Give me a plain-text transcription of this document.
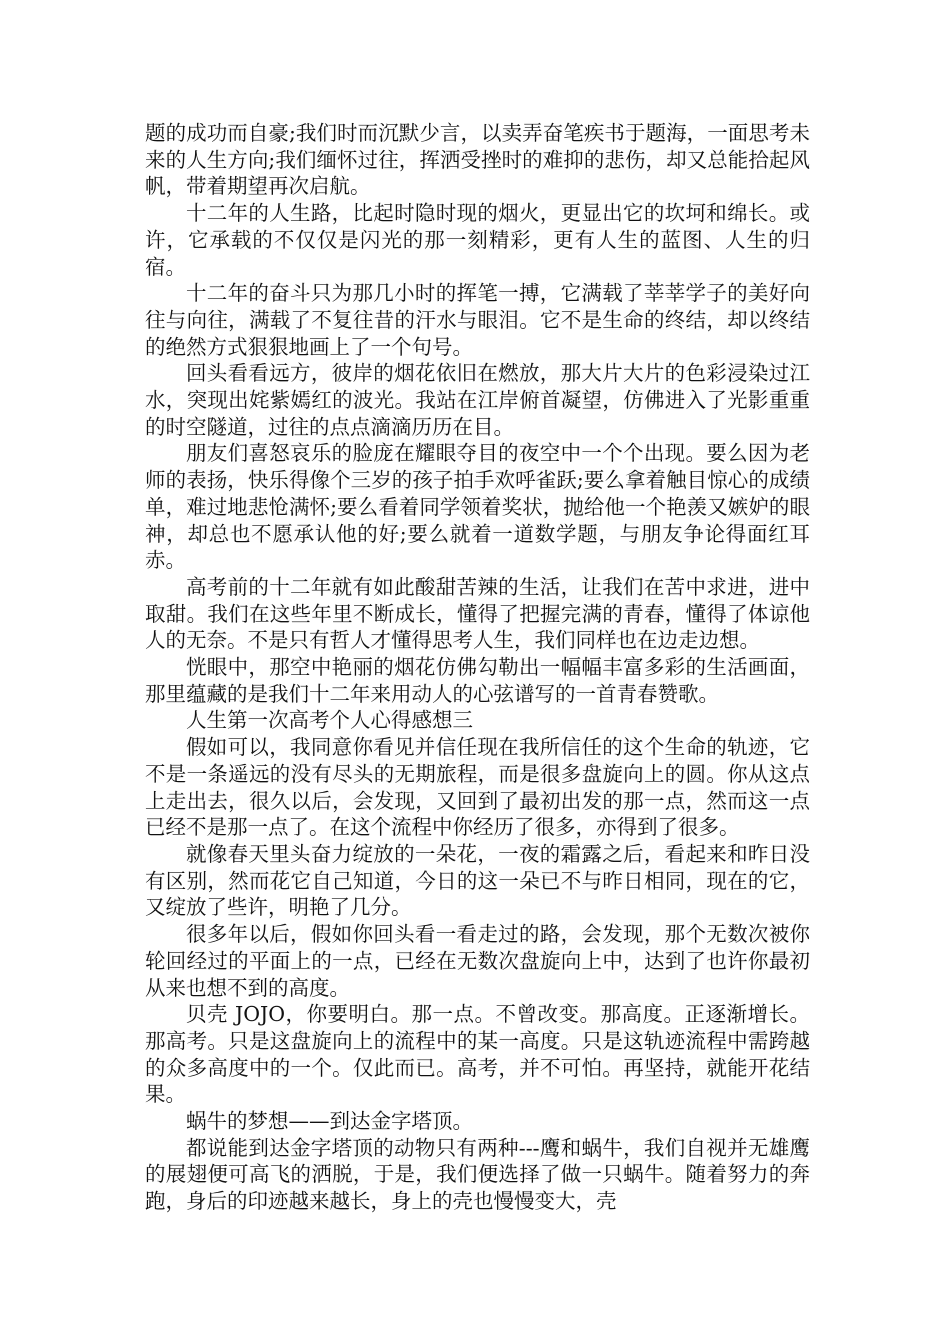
题的成功而自豪;我们时而沉默少言，以卖弄奋笔疾书于题海，一面思考未来的人生方向;我们缅怀过往，挥洒受挫时的难抑的悲伤，却又总能拾起风帆，带着期望再次启航。

十二年的人生路，比起时隐时现的烟火，更显出它的坎坷和绵长。或许，它承载的不仅仅是闪光的那一刻精彩，更有人生的蓝图、人生的归宿。

十二年的奋斗只为那几小时的挥笔一搏，它满载了莘莘学子的美好向往与向往，满载了不复往昔的汗水与眼泪。它不是生命的终结，却以终结的绝然方式狠狠地画上了一个句号。

回头看看远方，彼岸的烟花依旧在燃放，那大片大片的色彩浸染过江水，突现出姹紫嫣红的波光。我站在江岸俯首凝望，仿佛进入了光影重重的时空隧道，过往的点点滴滴历历在目。

朋友们喜怒哀乐的脸庞在耀眼夺目的夜空中一个个出现。要么因为老师的表扬，快乐得像个三岁的孩子拍手欢呼雀跃;要么拿着触目惊心的成绩单，难过地悲怆满怀;要么看着同学领着奖状，抛给他一个艳羡又嫉妒的眼神，却总也不愿承认他的好;要么就着一道数学题，与朋友争论得面红耳赤。

高考前的十二年就有如此酸甜苦辣的生活，让我们在苦中求进，进中取甜。我们在这些年里不断成长，懂得了把握完满的青春，懂得了体谅他人的无奈。不是只有哲人才懂得思考人生，我们同样也在边走边想。

恍眼中，那空中艳丽的烟花仿佛勾勒出一幅幅丰富多彩的生活画面，那里蕴藏的是我们十二年来用动人的心弦谱写的一首青春赞歌。

人生第一次高考个人心得感想三

假如可以，我同意你看见并信任现在我所信任的这个生命的轨迹，它不是一条遥远的没有尽头的无期旅程，而是很多盘旋向上的圆。你从这点上走出去，很久以后，会发现，又回到了最初出发的那一点，然而这一点已经不是那一点了。在这个流程中你经历了很多，亦得到了很多。

就像春天里头奋力绽放的一朵花，一夜的霜露之后，看起来和昨日没有区别，然而花它自己知道，今日的这一朵已不与昨日相同，现在的它，又绽放了些许，明艳了几分。

很多年以后，假如你回头看一看走过的路，会发现，那个无数次被你轮回经过的平面上的一点，已经在无数次盘旋向上中，达到了也许你最初从来也想不到的高度。

贝壳 JOJO，你要明白。那一点。不曾改变。那高度。正逐渐增长。那高考。只是这盘旋向上的流程中的某一高度。只是这轨迹流程中需跨越的众多高度中的一个。仅此而已。高考，并不可怕。再坚持，就能开花结果。

蜗牛的梦想——到达金字塔顶。

都说能到达金字塔顶的动物只有两种---鹰和蜗牛，我们自视并无雄鹰的展翅便可高飞的洒脱，于是，我们便选择了做一只蜗牛。随着努力的奔跑，身后的印迹越来越长，身上的壳也慢慢变大，壳
